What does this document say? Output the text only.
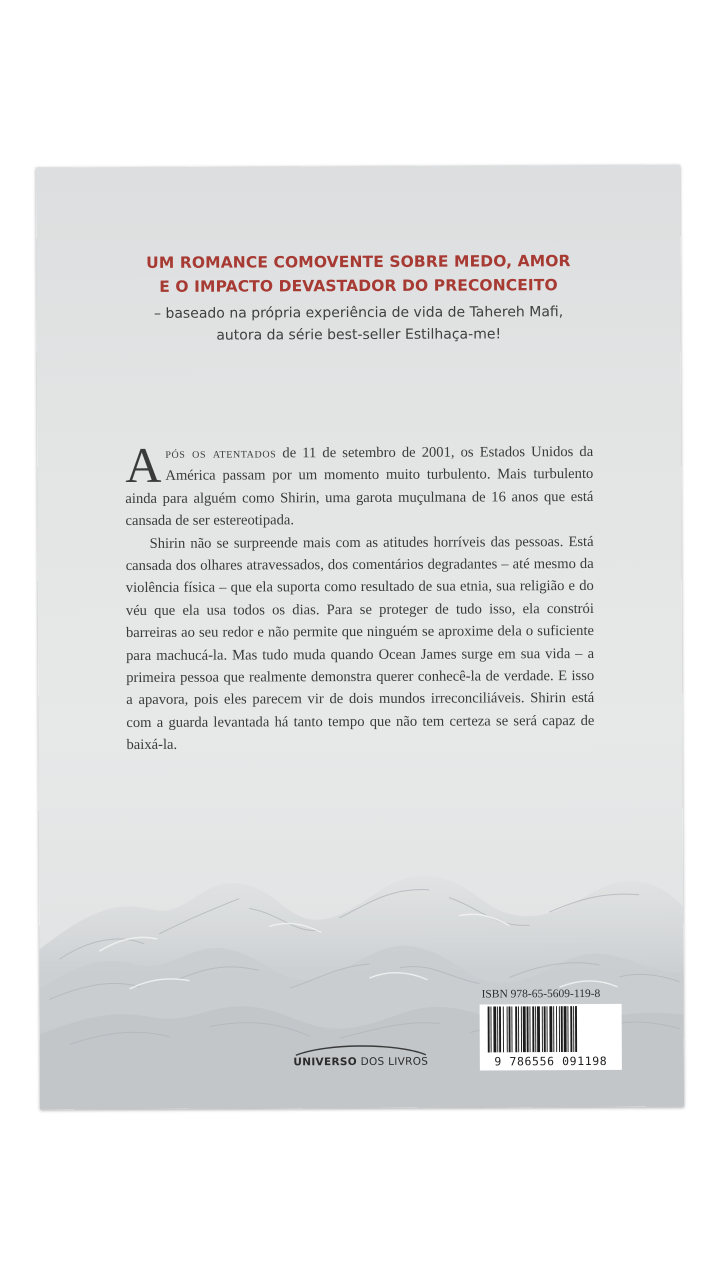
UM ROMANCE COMOVENTE SOBRE MEDO, AMOR
E O IMPACTO DEVASTADOR DO PRECONCEITO
– baseado na própria experiência de vida de Tahereh Mafi,
autora da série best-seller Estilhaça-me!

Após os atentados de 11 de setembro de 2001, os Estados Unidos da América passam por um momento muito turbulento. Mais turbulento ainda para alguém como Shirin, uma garota muçulmana de 16 anos que está cansada de ser estereotipada.

Shirin não se surpreende mais com as atitudes horríveis das pessoas. Está cansada dos olhares atravessados, dos comentários degradantes – até mesmo da violência física – que ela suporta como resultado de sua etnia, sua religião e do véu que ela usa todos os dias. Para se proteger de tudo isso, ela constrói barreiras ao seu redor e não permite que ninguém se aproxime dela o suficiente para machucá-la. Mas tudo muda quando Ocean James surge em sua vida – a primeira pessoa que realmente demonstra querer conhecê-la de verdade. E isso a apavora, pois eles parecem vir de dois mundos irreconciliáveis. Shirin está com a guarda levantada há tanto tempo que não tem certeza se será capaz de baixá-la.

ISBN 978-65-5609-119-8
9 786556 091198
UNIVERSO DOS LIVROS
